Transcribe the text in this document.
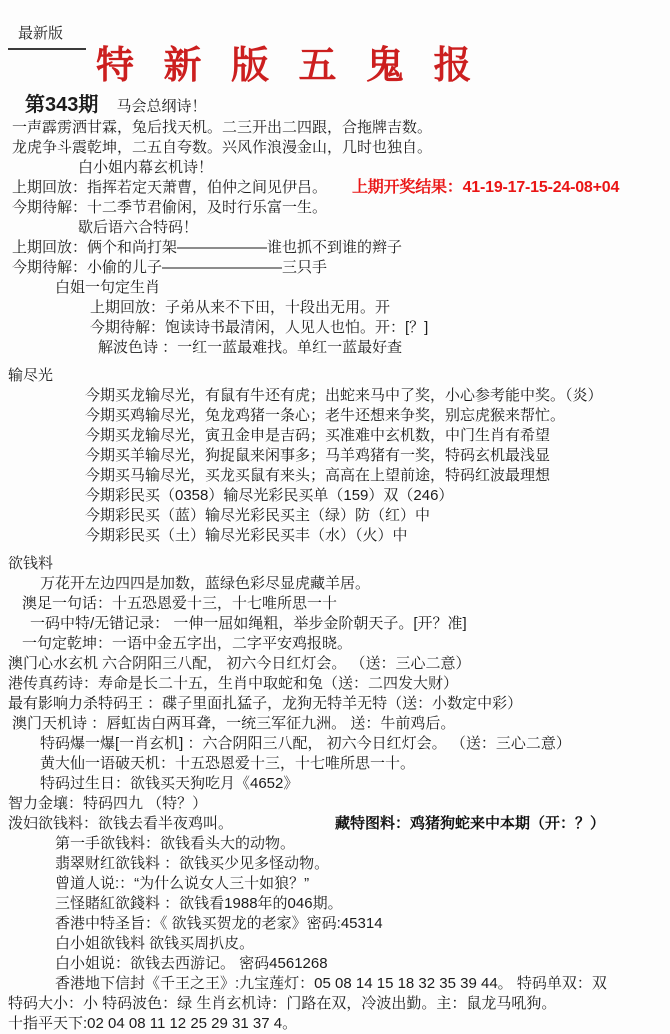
最新版
特 新 版 五 鬼 报
第343期 马会总纲诗！
一声霹雳洒甘霖，兔后找天机。二三开出二四跟，合拖牌吉数。
龙虎争斗震乾坤，二五自夸数。兴风作浪漫金山，几时也独自。
白小姐内幕玄机诗！
上期回放：指挥若定天萧曹，伯仲之间见伊吕。 上期开奖结果：41-19-17-15-24-08+04
今期待解：十二季节君偷闲，及时行乐富一生。
歇后语六合特码！
上期回放：俩个和尚打架——————谁也抓不到谁的辫子
今期待解：小偷的儿子————————三只手
白姐一句定生肖
上期回放：子弟从来不下田，十段出无用。开
今期待解：饱读诗书最清闲，人见人也怕。开：[？]
解波色诗 ：一红一蓝最难找。单红一蓝最好查
输尽光
今期买龙输尽光，有鼠有牛还有虎；出蛇来马中了奖，小心参考能中奖。（炎）
今期买鸡输尽光，兔龙鸡猪一条心；老牛还想来争奖，别忘虎猴来帮忙。
今期买龙输尽光，寅丑金申是吉码；买准难中玄机数，中门生肖有希望
今期买羊输尽光，狗捉鼠来闲事多；马羊鸡猪有一奖，特码玄机最浅显
今期买马输尽光，买龙买鼠有来头；高高在上望前途，特码红波最理想
今期彩民买（0358）输尽光彩民买单（159）双（246）
今期彩民买（蓝）输尽光彩民买主（绿）防（红）中
今期彩民买（土）输尽光彩民买丰（水）（火）中
欲钱料
万花开左边四四是加数，蓝绿色彩尽显虎藏羊居。
澳足一句话：十五恐恩爱十三，十七唯所思一十
一码中特/无错记录： 一伸一屈如绳粗，举步金阶朝天子。[开？准]
一句定乾坤：一语中金五字出，二字平安鸡报晓。
澳门心水玄机 六合阴阳三八配， 初六今日红灯会。 （送：三心二意）
港传真药诗：寿命是长二十五，生肖中取蛇和兔（送：二四发大财）
最有影响力杀特码王 ：碟子里面扎猛子，龙狗无特羊无特（送：小数定中彩）
澳门天机诗 ：唇虹齿白两耳聋，一统三军征九洲。 送：牛前鸡后。
特码爆一爆[一肖玄机] ：六合阴阳三八配， 初六今日红灯会。 （送：三心二意）
黄大仙一语破天机：十五恐恩爱十三，十七唯所思一十。
特码过生日：欲钱买天狗吃月《4652》
智力金壤：特码四九 （特？）
泼妇欲钱料：欲钱去看半夜鸡叫。	藏特图料：鸡猪狗蛇来中本期（开：？）
第一手欲钱料：欲钱看头大的动物。
翡翠财红欲钱料 ：欲钱买少见多怪动物。
曾道人说:：“为什么说女人三十如狼？”
三怪賭紅欲錢料 ：欲钱看1988年的046期。
香港中特圣旨：《 欲钱买贺龙的老家》密码:45314
白小姐欲钱料 欲钱买周扒皮。
白小姐说：欲钱去西游记。 密码4561268
香港地下信封《千王之王》:九宝莲灯：05 08 14 15 18 32 35 39 44。 特码单双：双
特码大小：小 特码波色：绿 生肖玄机诗：门路在双，冷波出勤。主：鼠龙马吼狗。
十指平天下:02 04 08 11 12 25 29 31 37 4。
